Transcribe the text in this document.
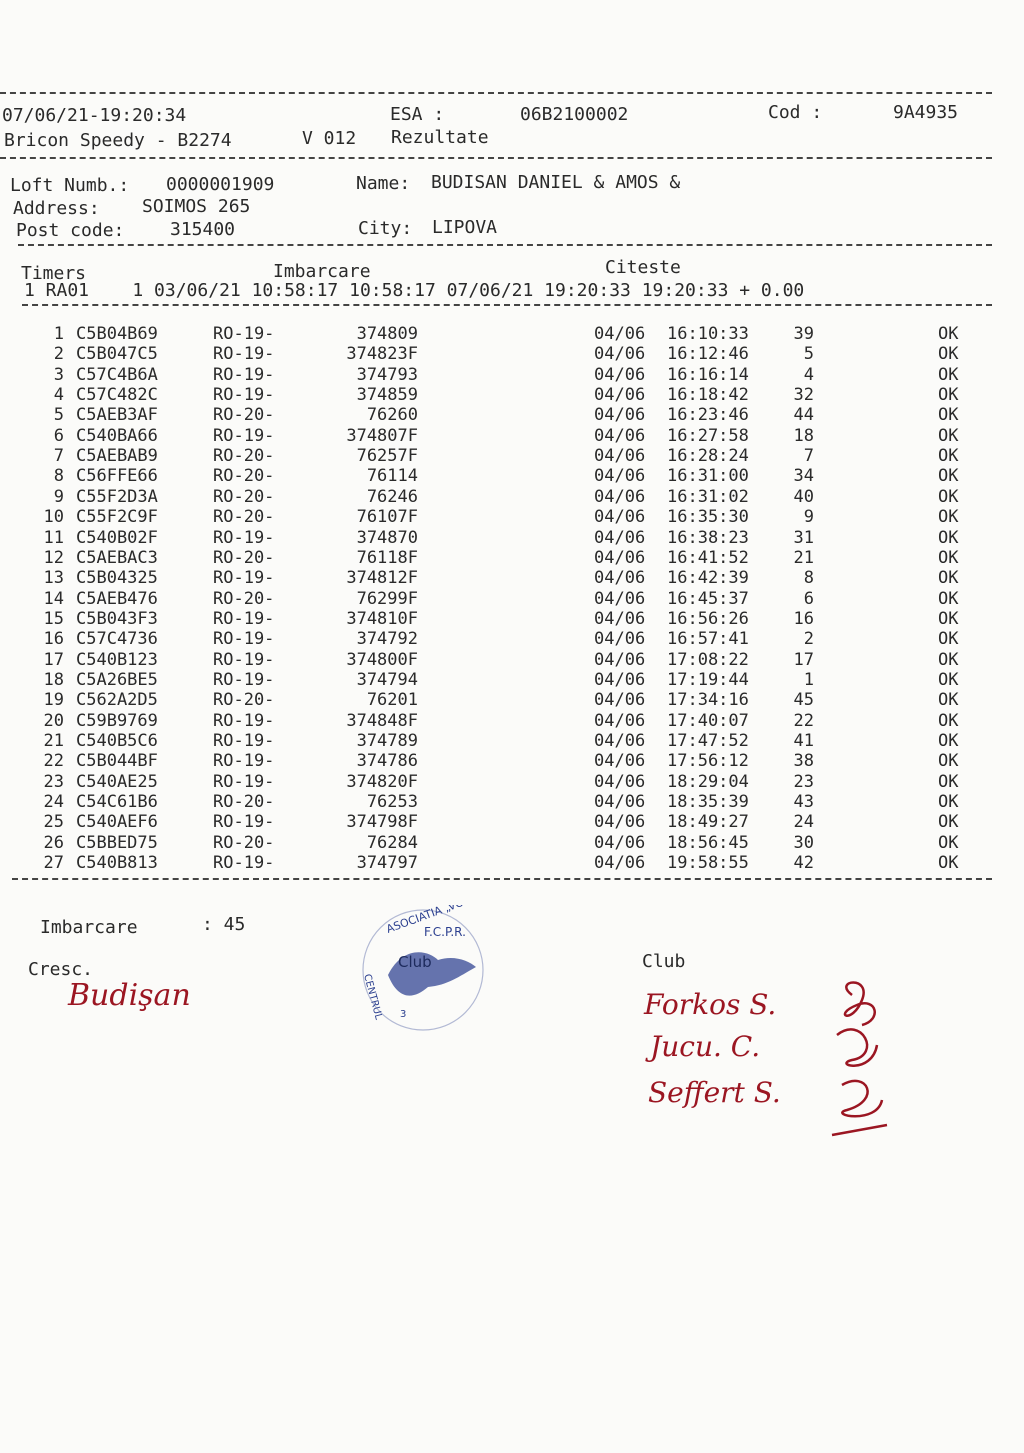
07/06/21-19:20:34	ESA :	06B2100002	Cod :	9A4935
Bricon Speedy - B2274	V 012 Rezultate
Loft Numb.: 0000001909	Name: BUDISAN DANIEL & AMOS &
Address: SOIMOS 265
Post code:	315400	City: LIPOVA
Timers	Imbarcare	Citeste
1 RA01    1 03/06/21 10:58:17 10:58:17 07/06/21 19:20:33 19:20:33 + 0.00
1 C5B04B69	RO-19-	374809	04/06 16:10:33	39	OK
2 C5B047C5	RO-19-	374823F	04/06 16:12:46	5	OK
3 C57C4B6A	RO-19-	374793	04/06 16:16:14	4	OK
4 C57C482C	RO-19-	374859	04/06 16:18:42	32	OK
5 C5AEB3AF	RO-20-	76260	04/06 16:23:46	44	OK
6 C540BA66	RO-19-	374807F	04/06 16:27:58	18	OK
7 C5AEBAB9	RO-20-	76257F	04/06 16:28:24	7	OK
8 C56FFE66	RO-20-	76114	04/06 16:31:00	34	OK
9 C55F2D3A	RO-20-	76246	04/06 16:31:02	40	OK
10 C55F2C9F	RO-20-	76107F	04/06 16:35:30	9	OK
11 C540B02F	RO-19-	374870	04/06 16:38:23	31	OK
12 C5AEBAC3	RO-20-	76118F	04/06 16:41:52	21	OK
13 C5B04325	RO-19-	374812F	04/06 16:42:39	8	OK
14 C5AEB476	RO-20-	76299F	04/06 16:45:37	6	OK
15 C5B043F3	RO-19-	374810F	04/06 16:56:26	16	OK
16 C57C4736	RO-19-	374792	04/06 16:57:41	2	OK
17 C540B123	RO-19-	374800F	04/06 17:08:22	17	OK
18 C5A26BE5	RO-19-	374794	04/06 17:19:44	1	OK
19 C562A2D5	RO-20-	76201	04/06 17:34:16	45	OK
20 C59B9769	RO-19-	374848F	04/06 17:40:07	22	OK
21 C540B5C6	RO-19-	374789	04/06 17:47:52	41	OK
22 C5B044BF	RO-19-	374786	04/06 17:56:12	38	OK
23 C540AE25	RO-19-	374820F	04/06 18:29:04	23	OK
24 C54C61B6	RO-20-	76253	04/06 18:35:39	43	OK
25 C540AEF6	RO-19-	374798F	04/06 18:49:27	24	OK
26 C5BBED75	RO-20-	76284	04/06 18:56:45	30	OK
27 C540B813	RO-19-	374797	04/06 19:58:55	42	OK
Imbarcare	: 45
Cresc.
Budişan
Club
Forkos S.
Jucu. C.
Seffert S.
ASOCIATIA
F.C.P.R.
Club
CENTRUL 3
